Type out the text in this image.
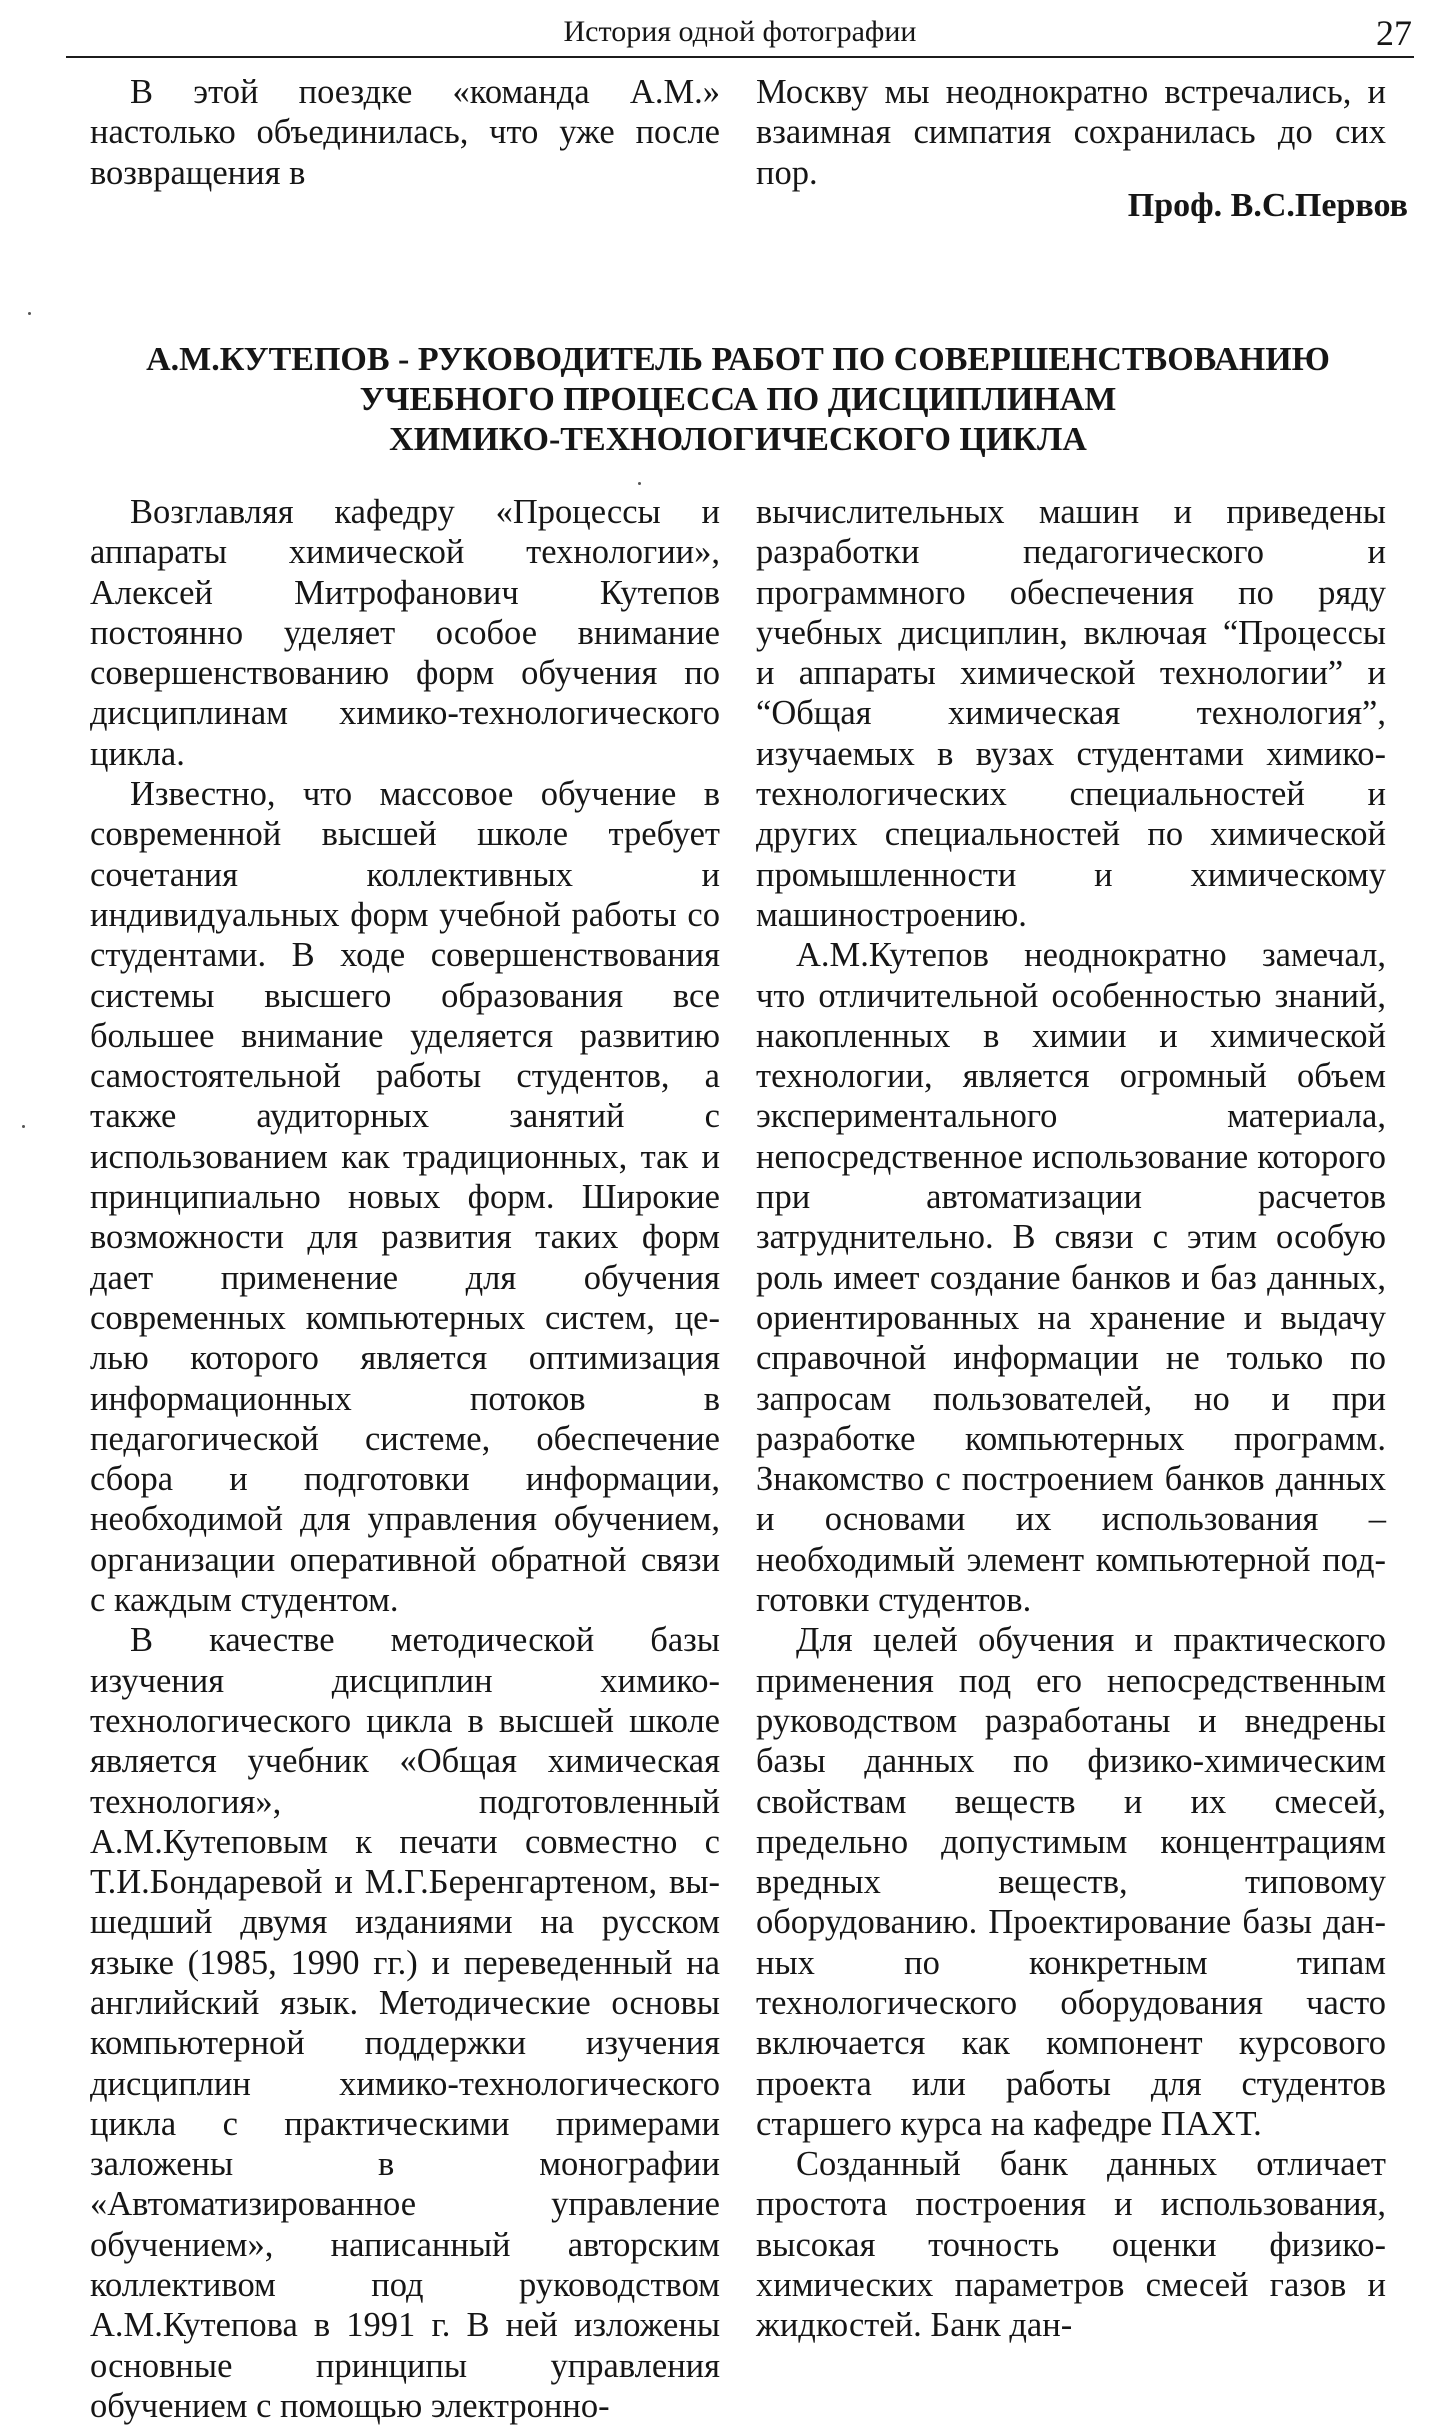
История одной фотографии	27

В этой поездке «команда А.М.» настолько объединилась, что уже после возвращения в

Москву мы неоднократно встречались, и взаимная симпатия сохранилась до сих пор.

Проф. В.С.Первов
А.М.КУТЕПОВ - РУКОВОДИТЕЛЬ РАБОТ ПО СОВЕРШЕНСТВОВАНИЮ
УЧЕБНОГО ПРОЦЕССА ПО ДИСЦИПЛИНАМ
ХИМИКО-ТЕХНОЛОГИЧЕСКОГО ЦИКЛА

Возглавляя кафедру «Процессы и аппараты химической технологии», Алексей Митрофанович Кутепов постоянно уделяет особое внимание совершенствованию форм обучения по дисциплинам химико-технологического цикла.

Известно, что массовое обучение в современной высшей школе требует сочетания коллективных и индивидуальных форм учебной работы со студентами. В ходе совершенствования системы высшего образования все большее внимание уделяется развитию самостоятельной работы студентов, а также аудиторных занятий с использованием как традиционных, так и принципиально новых форм. Широкие возможности для развития таких форм дает применение для обучения современных компьютерных систем, целью которого является оптимизация информационных потоков в педагогической системе, обеспечение сбора и подготовки информации, необходимой для управления обучением, организации оперативной обратной связи с каждым студентом.

В качестве методической базы изучения дисциплин химико-технологического цикла в высшей школе является учебник «Общая химическая технология», подготовленный А.М.Кутеповым к печати совместно с Т.И.Бондаревой и М.Г.Беренгартеном, вышедший двумя изданиями на русском языке (1985, 1990 гг.) и переведенный на английский язык. Методические основы компьютерной поддержки изучения дисциплин химико-технологического цикла с практическими примерами заложены в монографии «Автоматизированное управление обучением», написанный авторским коллективом под руководством А.М.Кутепова в 1991 г. В ней изложены основные принципы управления обучением с помощью электронно-

вычислительных машин и приведены разработки педагогического и программного обеспечения по ряду учебных дисциплин, включая “Процессы и аппараты химической технологии” и “Общая химическая технология”, изучаемых в вузах студентами химико-технологических специальностей и других специальностей по химической промышленности и химическому машиностроению.

А.М.Кутепов неоднократно замечал, что отличительной особенностью знаний, накопленных в химии и химической технологии, является огромный объем экспериментального материала, непосредственное использование которого при автоматизации расчетов затруднительно. В связи с этим особую роль имеет создание банков и баз данных, ориентированных на хранение и выдачу справочной информации не только по запросам пользователей, но и при разработке компьютерных программ. Знакомство с построением банков данных и основами их использования – необходимый элемент компьютерной подготовки студентов.

Для целей обучения и практического применения под его непосредственным руководством разработаны и внедрены базы данных по физико-химическим свойствам веществ и их смесей, предельно допустимым концентрациям вредных веществ, типовому оборудованию. Проектирование базы данных по конкретным типам технологического оборудования часто включается как компонент курсового проекта или работы для студентов старшего курса на кафедре ПАХТ.

Созданный банк данных отличает простота построения и использования, высокая точность оценки физико-химических параметров смесей газов и жидкостей. Банк дан-
